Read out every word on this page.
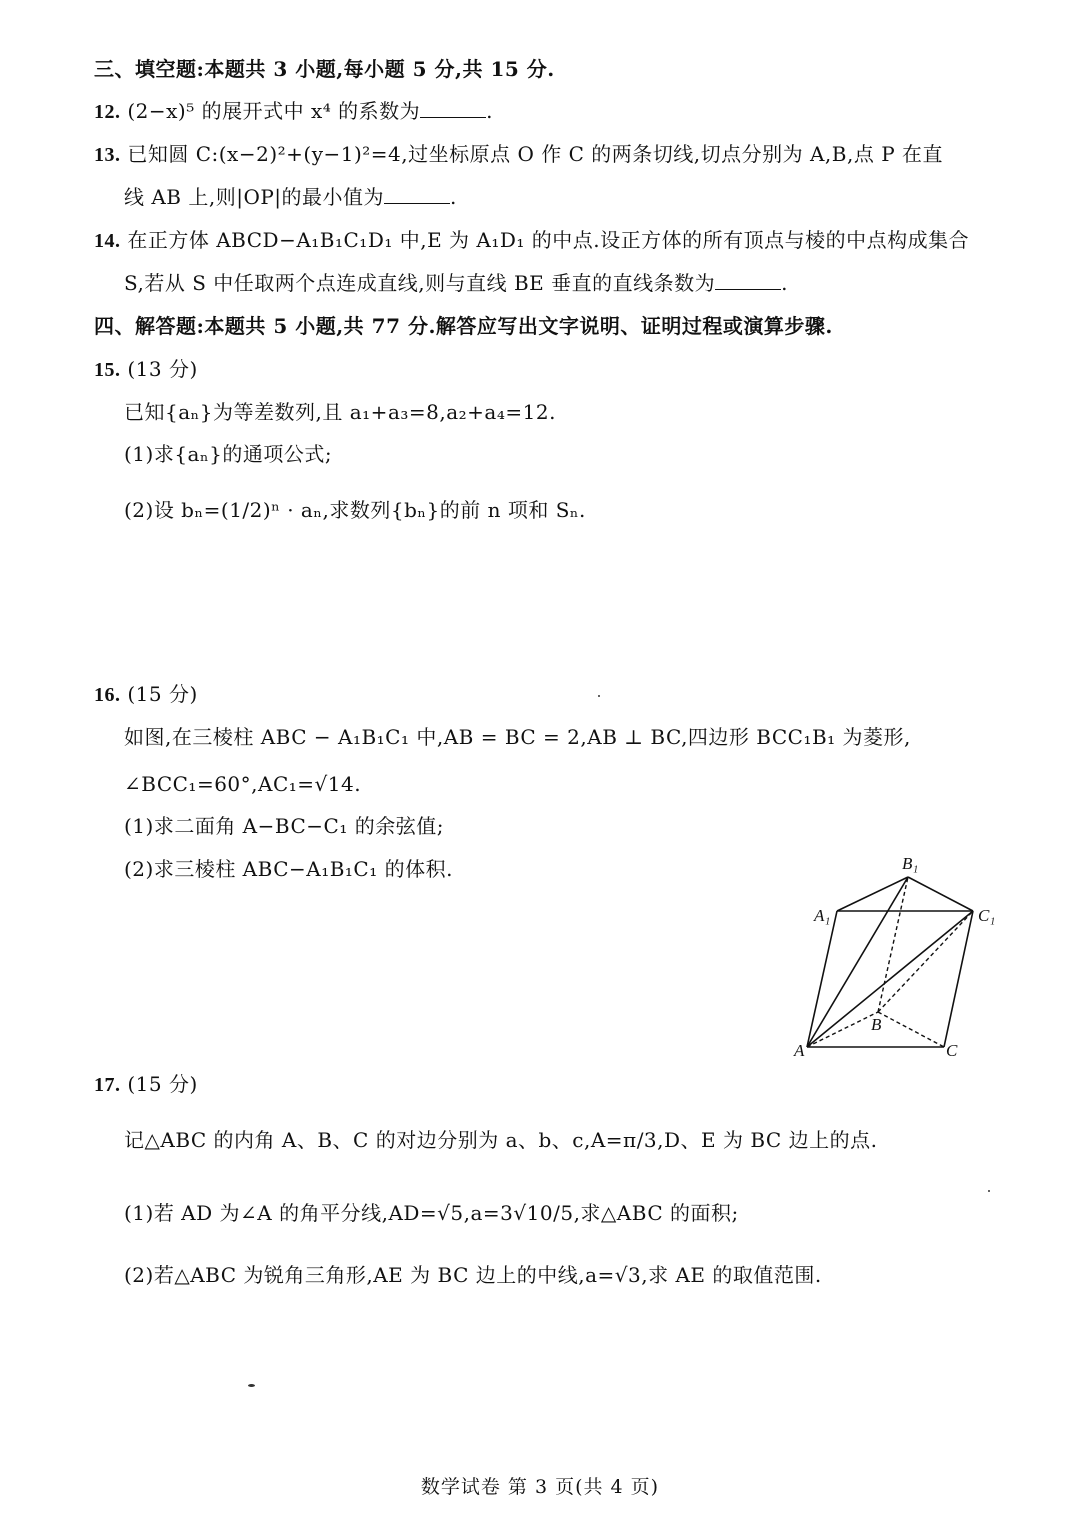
三、填空题:本题共 3 小题,每小题 5 分,共 15 分.
12. (2−x)⁵ 的展开式中 x⁴ 的系数为	.
13. 已知圆 C:(x−2)²+(y−1)²=4,过坐标原点 O 作 C 的两条切线,切点分别为 A,B,点 P 在直
线 AB 上,则|OP|的最小值为	.
14. 在正方体 ABCD−A₁B₁C₁D₁ 中,E 为 A₁D₁ 的中点.设正方体的所有顶点与棱的中点构成集合
S,若从 S 中任取两个点连成直线,则与直线 BE 垂直的直线条数为	.
四、解答题:本题共 5 小题,共 77 分.解答应写出文字说明、证明过程或演算步骤.
15. (13 分)
已知{aₙ}为等差数列,且 a₁+a₃=8,a₂+a₄=12.
(1)求{aₙ}的通项公式;
(2)设 bₙ=(1/2)ⁿ · aₙ,求数列{bₙ}的前 n 项和 Sₙ.
16. (15 分)
如图,在三棱柱 ABC − A₁B₁C₁ 中,AB = BC = 2,AB ⊥ BC,四边形 BCC₁B₁ 为菱形,
∠BCC₁=60°,AC₁=√14.
(1)求二面角 A−BC−C₁ 的余弦值;
(2)求三棱柱 ABC−A₁B₁C₁ 的体积.
A
B
C
A₁
B₁
C₁
17. (15 分)
记△ABC 的内角 A、B、C 的对边分别为 a、b、c,A=π/3,D、E 为 BC 边上的点.
(1)若 AD 为∠A 的角平分线,AD=√5,a=3√10/5,求△ABC 的面积;
(2)若△ABC 为锐角三角形,AE 为 BC 边上的中线,a=√3,求 AE 的取值范围.
数学试卷 第 3 页(共 4 页)
